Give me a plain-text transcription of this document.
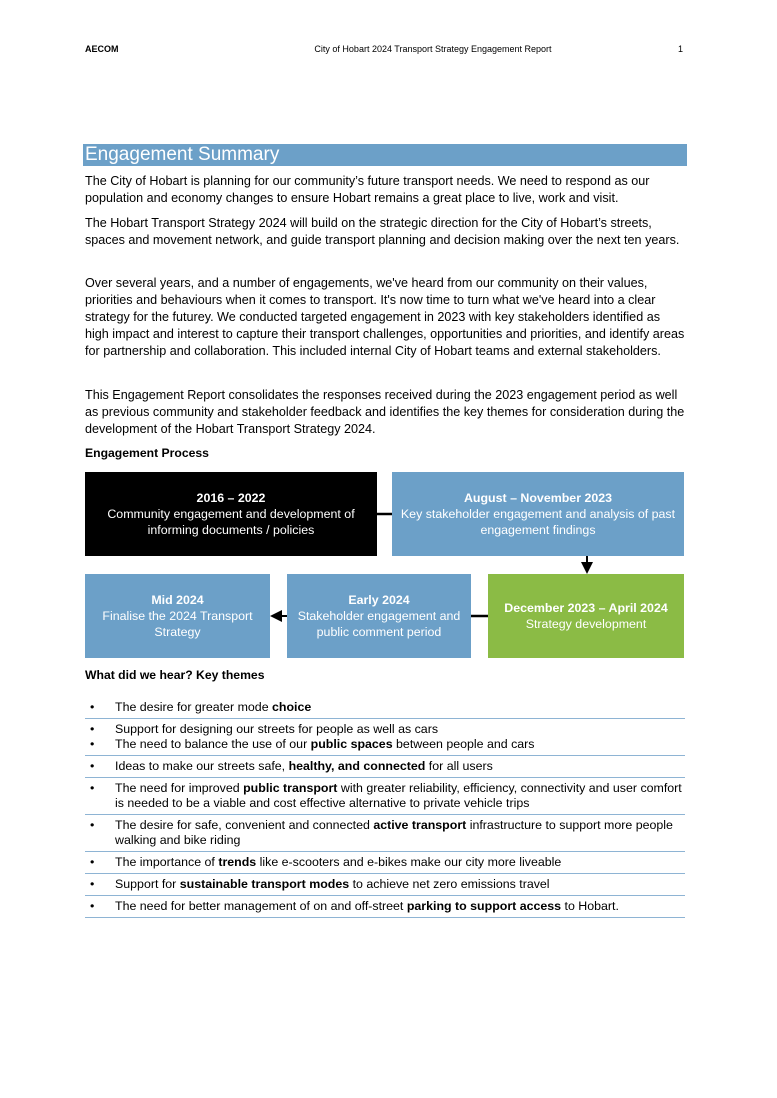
AECOM	City of Hobart 2024 Transport Strategy Engagement Report	1
Engagement Summary

The City of Hobart is planning for our community’s future transport needs. We need to respond as our population and economy changes to ensure Hobart remains a great place to live, work and visit.

The Hobart Transport Strategy 2024 will build on the strategic direction for the City of Hobart’s streets, spaces and movement network, and guide transport planning and decision making over the next ten years.

Over several years, and a number of engagements, we've heard from our community on their values, priorities and behaviours when it comes to transport. It's now time to turn what we've heard into a clear strategy for the futurey. We conducted targeted engagement in 2023 with key stakeholders identified as high impact and interest to capture their transport challenges, opportunities and priorities, and identify areas for partnership and collaboration. This included internal City of Hobart teams and external stakeholders.

This Engagement Report consolidates the responses received during the 2023 engagement period as well as previous community and stakeholder feedback and identifies the key themes for consideration during the development of the Hobart Transport Strategy 2024.

Engagement Process
2016 – 2022
Community engagement and development of informing documents / policies
August – November 2023
Key stakeholder engagement and analysis of past engagement findings
December 2023 – April 2024
Strategy development
Early 2024
Stakeholder engagement and public comment period
Mid 2024
Finalise the 2024 Transport Strategy
What did we hear? Key themes
• The desire for greater mode choice
• Support for designing our streets for people as well as cars
• The need to balance the use of our public spaces between people and cars
• Ideas to make our streets safe, healthy, and connected for all users
• The need for improved public transport with greater reliability, efficiency, connectivity and user comfort is needed to be a viable and cost effective alternative to private vehicle trips
• The desire for safe, convenient and connected active transport infrastructure to support more people walking and bike riding
• The importance of trends like e-scooters and e-bikes make our city more liveable
• Support for sustainable transport modes to achieve net zero emissions travel
• The need for better management of on and off-street parking to support access to Hobart.
